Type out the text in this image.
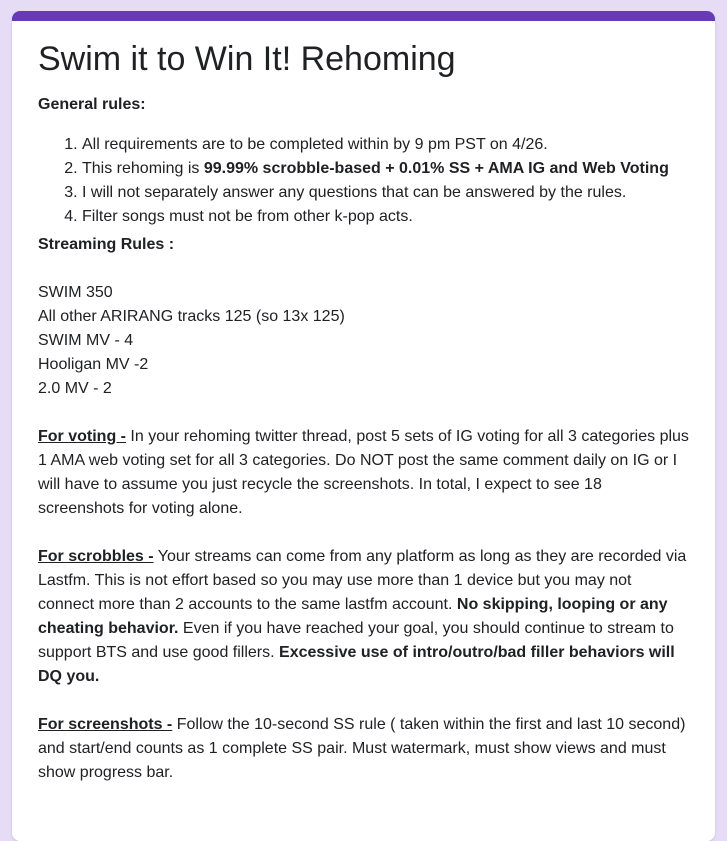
Swim it to Win It! Rehoming

General rules:

1. All requirements are to be completed within by 9 pm PST on 4/26.
2. This rehoming is 99.99% scrobble-based + 0.01% SS + AMA IG and Web Voting
3. I will not separately answer any questions that can be answered by the rules.
4. Filter songs must not be from other k-pop acts.

Streaming Rules :

SWIM 350
All other ARIRANG tracks 125 (so 13x 125)
SWIM MV - 4
Hooligan MV -2
2.0 MV - 2

For voting - In your rehoming twitter thread, post 5 sets of IG voting for all 3 categories plus 1 AMA web voting set for all 3 categories. Do NOT post the same comment daily on IG or I will have to assume you just recycle the screenshots. In total, I expect to see 18 screenshots for voting alone.

For scrobbles - Your streams can come from any platform as long as they are recorded via Lastfm. This is not effort based so you may use more than 1 device but you may not connect more than 2 accounts to the same lastfm account. No skipping, looping or any cheating behavior. Even if you have reached your goal, you should continue to stream to support BTS and use good fillers. Excessive use of intro/outro/bad filler behaviors will DQ you.

For screenshots - Follow the 10-second SS rule ( taken within the first and last 10 second) and start/end counts as 1 complete SS pair. Must watermark, must show views and must show progress bar.
